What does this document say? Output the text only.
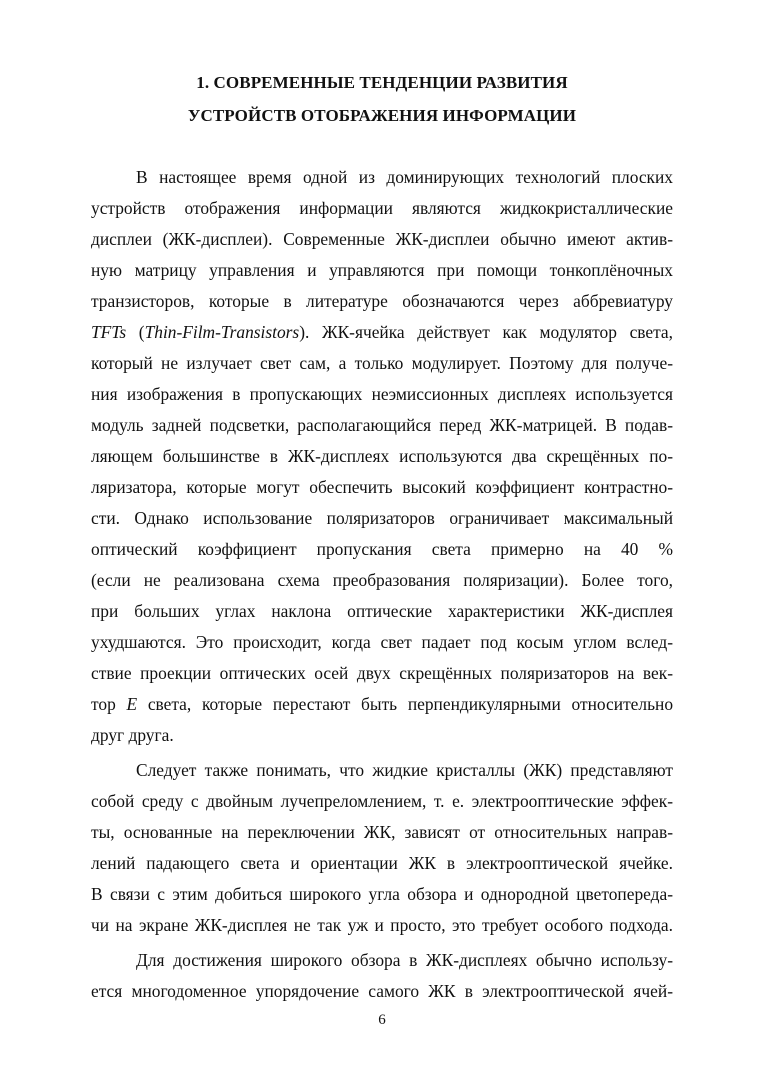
1. СОВРЕМЕННЫЕ ТЕНДЕНЦИИ РАЗВИТИЯ
УСТРОЙСТВ ОТОБРАЖЕНИЯ ИНФОРМАЦИИ
В настоящее время одной из доминирующих технологий плоских
устройств отображения информации являются жидкокристаллические
дисплеи (ЖК-дисплеи). Современные ЖК-дисплеи обычно имеют актив-
ную матрицу управления и управляются при помощи тонкоплёночных
транзисторов, которые в литературе обозначаются через аббревиатуру
TFTs (Thin-Film-Transistors). ЖК-ячейка действует как модулятор света,
который не излучает свет сам, а только модулирует. Поэтому для получе-
ния изображения в пропускающих неэмиссионных дисплеях используется
модуль задней подсветки, располагающийся перед ЖК-матрицей. В подав-
ляющем большинстве в ЖК-дисплеях используются два скрещённых по-
ляризатора, которые могут обеспечить высокий коэффициент контрастно-
сти. Однако использование поляризаторов ограничивает максимальный
оптический коэффициент пропускания света примерно на 40 %
(если не реализована схема преобразования поляризации). Более того,
при больших углах наклона оптические характеристики ЖК-дисплея
ухудшаются. Это происходит, когда свет падает под косым углом вслед-
ствие проекции оптических осей двух скрещённых поляризаторов на век-
тор E света, которые перестают быть перпендикулярными относительно
друг друга.
Следует также понимать, что жидкие кристаллы (ЖК) представляют
собой среду с двойным лучепреломлением, т. е. электрооптические эффек-
ты, основанные на переключении ЖК, зависят от относительных направ-
лений падающего света и ориентации ЖК в электрооптической ячейке.
В связи с этим добиться широкого угла обзора и однородной цветопереда-
чи на экране ЖК-дисплея не так уж и просто, это требует особого подхода.
Для достижения широкого обзора в ЖК-дисплеях обычно использу-
ется многодоменное упорядочение самого ЖК в электрооптической ячей-
6
